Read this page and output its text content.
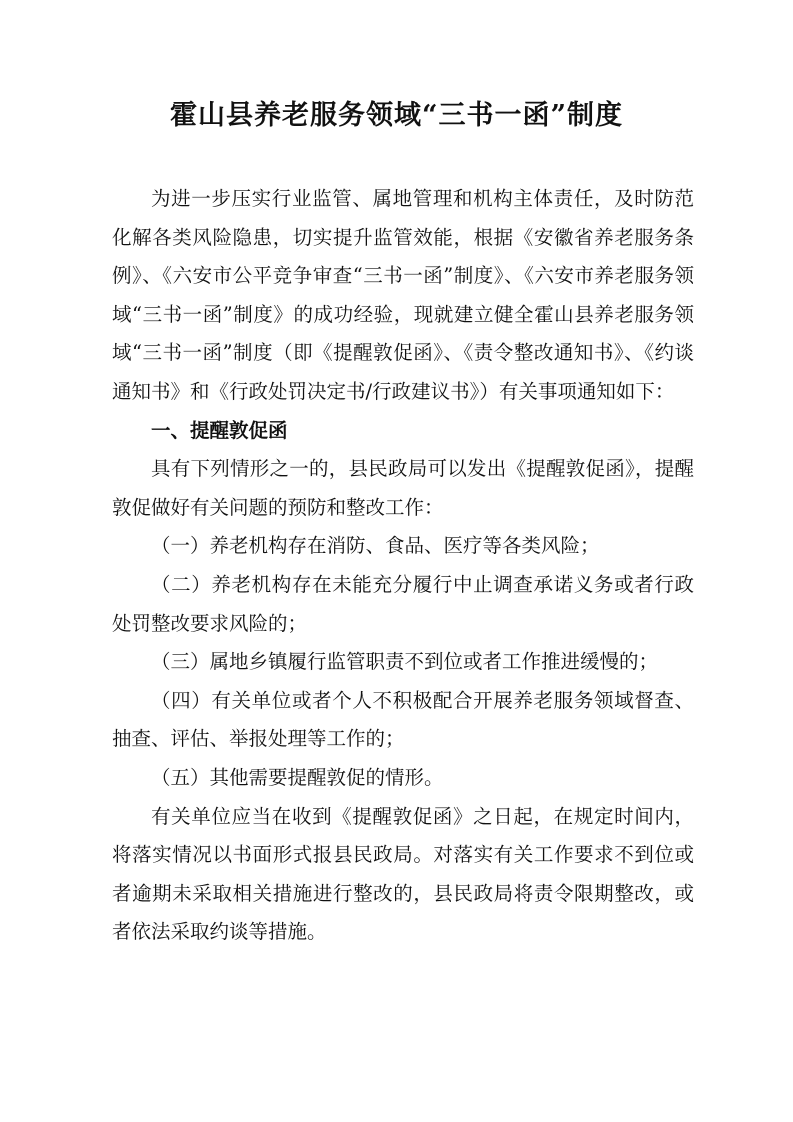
霍山县养老服务领域“三书一函”制度

为进一步压实行业监管、属地管理和机构主体责任，及时防范化解各类风险隐患，切实提升监管效能，根据《安徽省养老服务条例》、《六安市公平竞争审查“三书一函”制度》、《六安市养老服务领域“三书一函”制度》的成功经验，现就建立健全霍山县养老服务领域“三书一函”制度（即《提醒敦促函》、《责令整改通知书》、《约谈通知书》和《行政处罚决定书/行政建议书》）有关事项通知如下：

一、提醒敦促函

具有下列情形之一的，县民政局可以发出《提醒敦促函》，提醒敦促做好有关问题的预防和整改工作：

（一）养老机构存在消防、食品、医疗等各类风险；

（二）养老机构存在未能充分履行中止调查承诺义务或者行政处罚整改要求风险的；

（三）属地乡镇履行监管职责不到位或者工作推进缓慢的；

（四）有关单位或者个人不积极配合开展养老服务领域督查、抽查、评估、举报处理等工作的；

（五）其他需要提醒敦促的情形。

有关单位应当在收到《提醒敦促函》之日起，在规定时间内，将落实情况以书面形式报县民政局。对落实有关工作要求不到位或者逾期未采取相关措施进行整改的，县民政局将责令限期整改，或者依法采取约谈等措施。
